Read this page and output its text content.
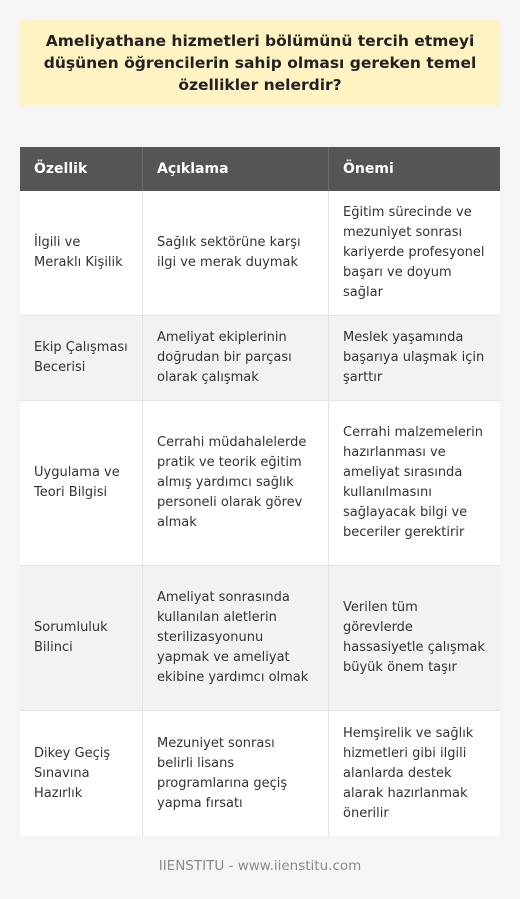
Ameliyathane hizmetleri bölümünü tercih etmeyi düşünen öğrencilerin sahip olması gereken temel özellikler nelerdir?
Özellik	Açıklama	Önemi
İlgili ve Meraklı Kişilik
Sağlık sektörüne karşı ilgi ve merak duymak
Eğitim sürecinde ve mezuniyet sonrası kariyerde profesyonel başarı ve doyum sağlar
Ekip Çalışması Becerisi
Ameliyat ekiplerinin doğrudan bir parçası olarak çalışmak
Meslek yaşamında başarıya ulaşmak için şarttır
Uygulama ve Teori Bilgisi
Cerrahi müdahalelerde pratik ve teorik eğitim almış yardımcı sağlık personeli olarak görev almak
Cerrahi malzemelerin hazırlanması ve ameliyat sırasında kullanılmasını sağlayacak bilgi ve beceriler gerektirir
Sorumluluk Bilinci
Ameliyat sonrasında kullanılan aletlerin sterilizasyonunu yapmak ve ameliyat ekibine yardımcı olmak
Verilen tüm görevlerde hassasiyetle çalışmak büyük önem taşır
Dikey Geçiş Sınavına Hazırlık
Mezuniyet sonrası belirli lisans programlarına geçiş yapma fırsatı
Hemşirelik ve sağlık hizmetleri gibi ilgili alanlarda destek alarak hazırlanmak önerilir
IIENSTITU - www.iienstitu.com
